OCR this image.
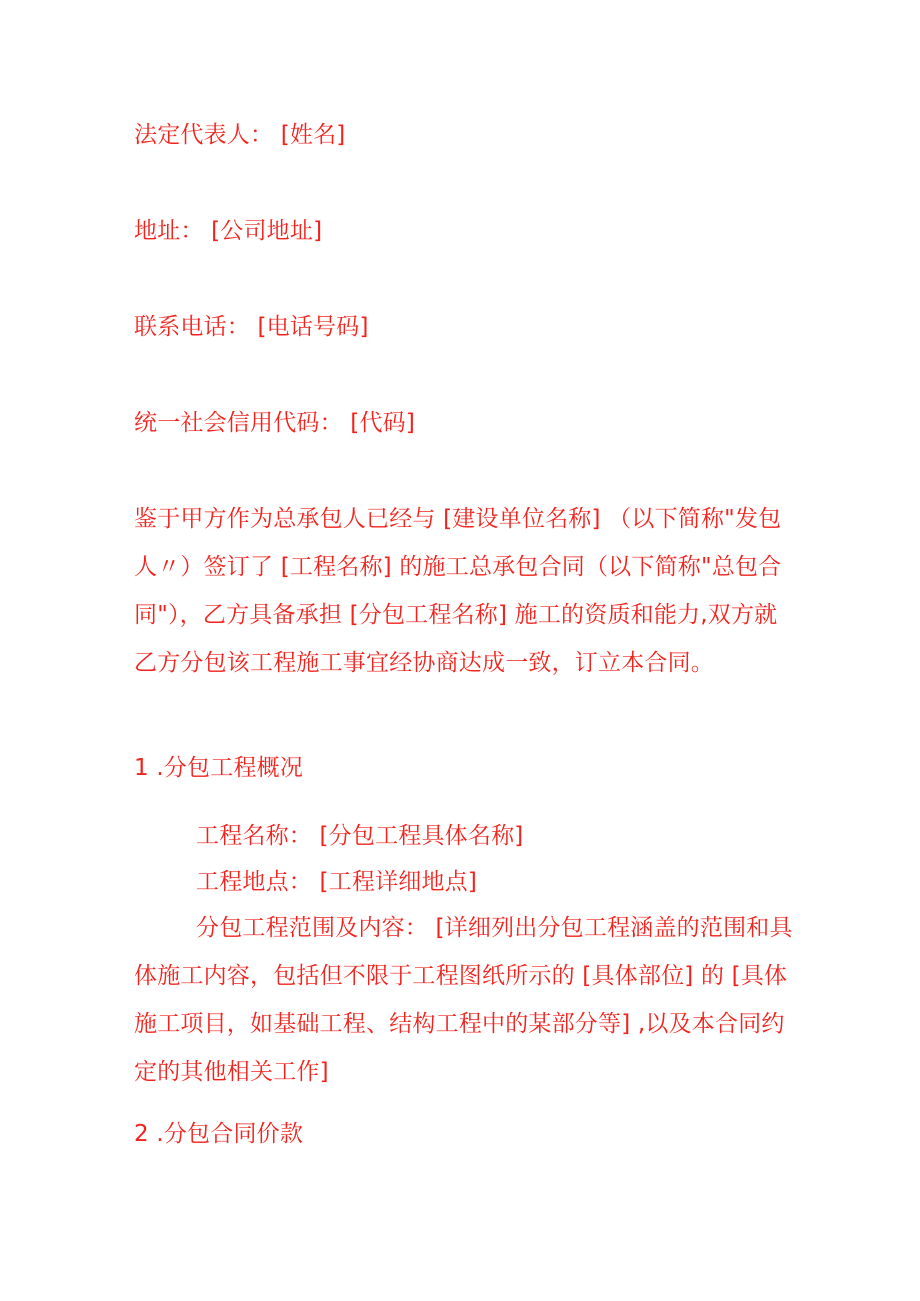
法定代表人： [姓名]
地址： [公司地址]
联系电话： [电话号码]
统一社会信用代码： [代码]
鉴于甲方作为总承包人已经与 [建设单位名称] （以下简称"发包人〃）签订了 [工程名称] 的施工总承包合同（以下简称"总包合同"），乙方具备承担 [分包工程名称] 施工的资质和能力,双方就乙方分包该工程施工事宜经协商达成一致，订立本合同。
1 .分包工程概况
工程名称： [分包工程具体名称]
工程地点： [工程详细地点]
分包工程范围及内容： [详细列出分包工程涵盖的范围和具体施工内容，包括但不限于工程图纸所示的 [具体部位] 的 [具体施工项目，如基础工程、结构工程中的某部分等] ,以及本合同约定的其他相关工作]
2 .分包合同价款
